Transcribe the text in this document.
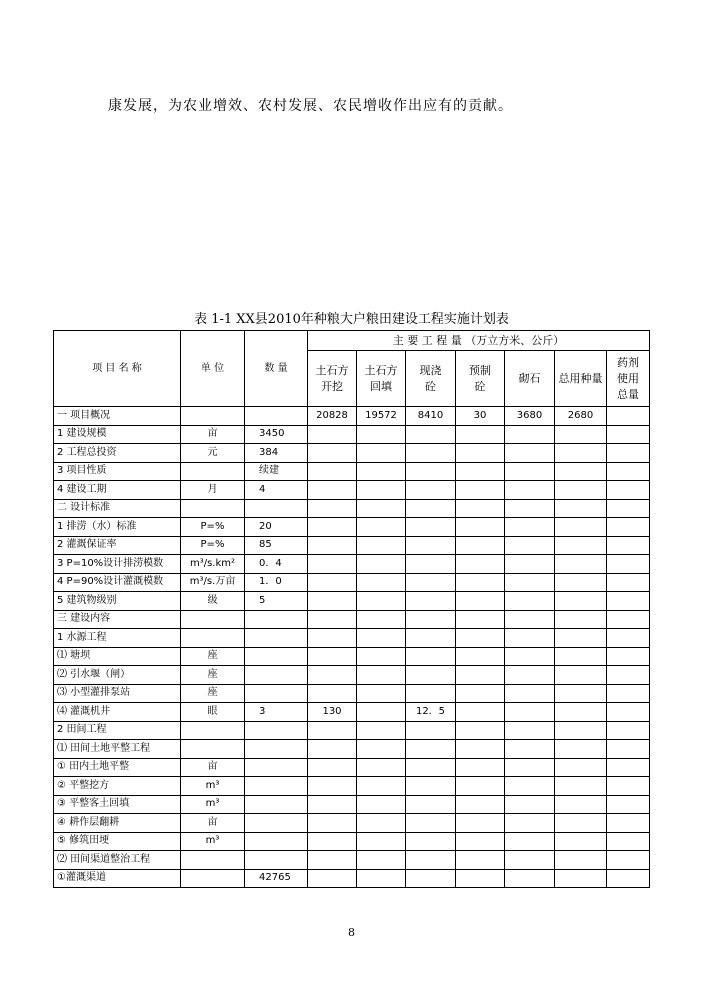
康发展，为农业增效、农村发展、农民增收作出应有的贡献。
表 1-1 XX县2010年种粮大户粮田建设工程实施计划表
项 目 名 称	单 位	数 量	主 要 工 程 量 （万立方米、公斤）						
			土石方开挖	土石方回填	现浇砼	预制砼	砌石	总用种量	药剂使用总量
一 项目概况			20828	19572	8410	30	3680	2680	
1 建设规模	亩	3450							
2 工程总投资	元	384							
3 项目性质		续建							
4 建设工期	月	4							
二 设计标准									
1 排涝（水）标准	P=%	20							
2 灌溉保证率	P=%	85							
3 P=10%设计排涝模数	m³/s.km²	0．4							
4 P=90%设计灌溉模数	m³/s.万亩	1．0							
5 建筑物级别	级	5							
三 建设内容									
1 水源工程									
⑴ 塘坝	座								
⑵ 引水堰（闸）	座								
⑶ 小型灌排泵站	座								
⑷ 灌溉机井	眼	3	130		12．5				
2 田间工程									
⑴ 田间土地平整工程									
① 田内土地平整	亩								
② 平整挖方	m³								
③ 平整客土回填	m³								
④ 耕作层翻耕	亩								
⑤ 修筑田埂	m³								
⑵ 田间渠道整治工程									
①灌溉渠道		42765							
8
